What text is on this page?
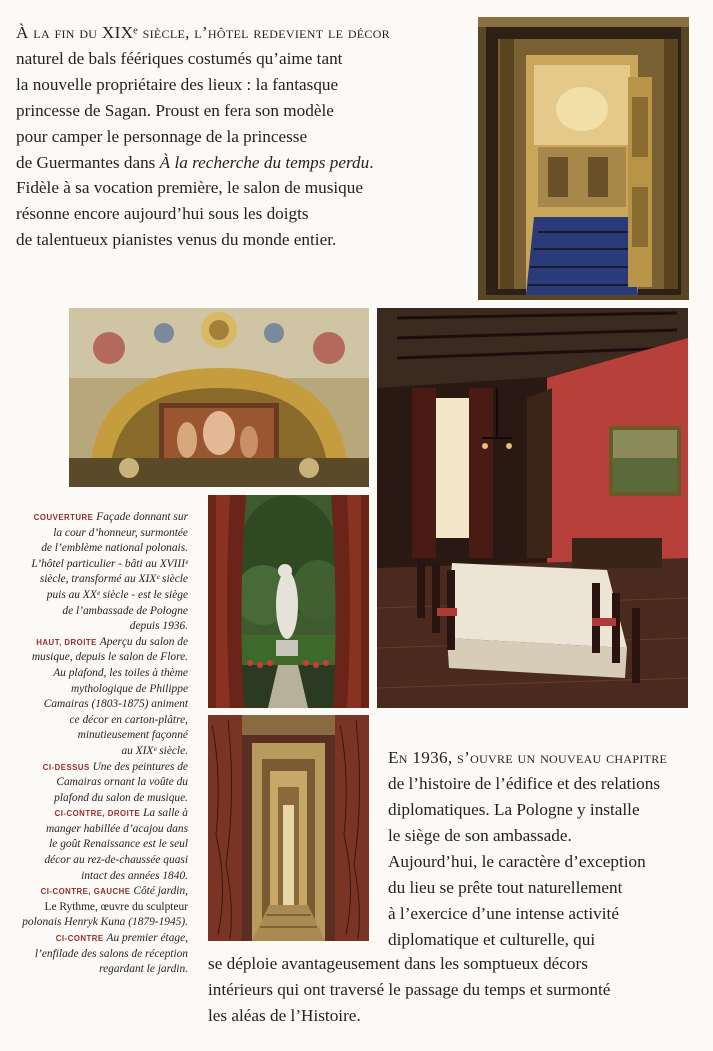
À la fin du XIXᵉ siècle, l’hôtel redevient le décor

naturel de bals féériques costumés qu’aime tant

la nouvelle propriétaire des lieux : la fantasque

princesse de Sagan. Proust en fera son modèle

pour camper le personnage de la princesse

de Guermantes dans À la recherche du temps perdu.

Fidèle à sa vocation première, le salon de musique

résonne encore aujourd’hui sous les doigts

de talentueux pianistes venus du monde entier.

COUVERTURE Façade donnant sur
la cour d’honneur, surmontée
de l’emblème national polonais.
L’hôtel particulier - bâti au XVIIIᵉ
siècle, transformé au XIXᵉ siècle
puis au XXᵉ siècle - est le siège
de l’ambassade de Pologne
depuis 1936.

HAUT, DROITE Aperçu du salon de
musique, depuis le salon de Flore.
Au plafond, les toiles à thème
mythologique de Philippe
Camairas (1803-1875) animent
ce décor en carton-plâtre,
minutieusement façonné
au XIXᵉ siècle.

CI-DESSUS Une des peintures de
Camairas ornant la voûte du
plafond du salon de musique.

CI-CONTRE, DROITE La salle à
manger habillée d’acajou dans
le goût Renaissance est le seul
décor au rez-de-chaussée quasi
intact des années 1840.

CI-CONTRE, GAUCHE Côté jardin,
Le Rythme, œuvre du sculpteur
polonais Henryk Kuna (1879-1945).

CI-CONTRE Au premier étage,
l’enfilade des salons de réception
regardant le jardin.

En 1936, s’ouvre un nouveau chapitre

de l’histoire de l’édifice et des relations

diplomatiques. La Pologne y installe

le siège de son ambassade.

Aujourd’hui, le caractère d’exception

du lieu se prête tout naturellement

à l’exercice d’une intense activité

diplomatique et culturelle, qui

se déploie avantageusement dans les somptueux décors

intérieurs qui ont traversé le passage du temps et surmonté

les aléas de l’Histoire.
